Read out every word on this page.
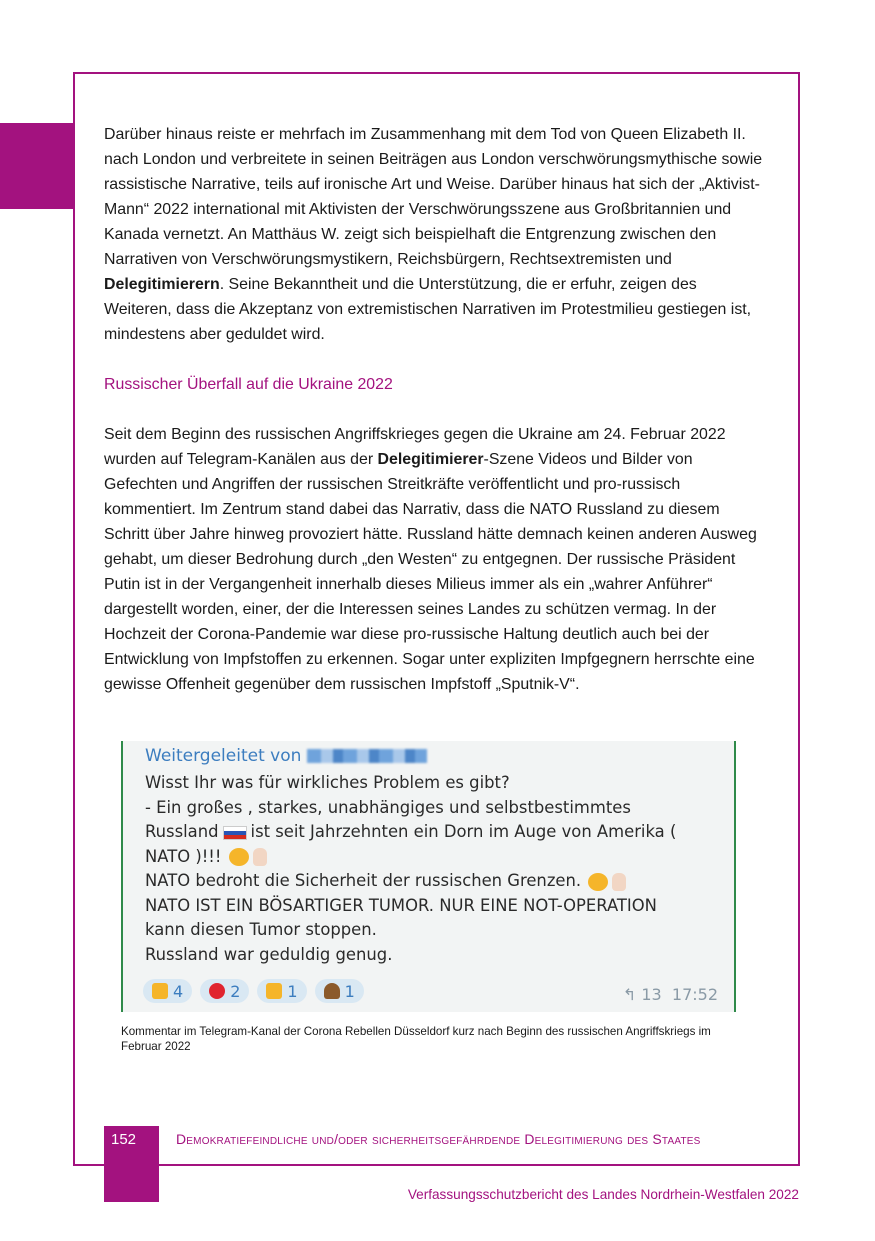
Darüber hinaus reiste er mehrfach im Zusammenhang mit dem Tod von Queen Elizabeth II. nach London und verbreitete in seinen Beiträgen aus London verschwörungsmythische sowie rassistische Narrative, teils auf ironische Art und Weise. Darüber hinaus hat sich der „Aktivist-Mann“ 2022 international mit Aktivisten der Verschwörungsszene aus Großbritannien und Kanada vernetzt. An Matthäus W. zeigt sich beispielhaft die Entgrenzung zwischen den Narrativen von Verschwörungsmystikern, Reichsbürgern, Rechtsextremisten und Delegitimierern. Seine Bekanntheit und die Unterstützung, die er erfuhr, zeigen des Weiteren, dass die Akzeptanz von extremistischen Narrativen im Protestmilieu gestiegen ist, mindestens aber geduldet wird.

Russischer Überfall auf die Ukraine 2022

Seit dem Beginn des russischen Angriffskrieges gegen die Ukraine am 24. Februar 2022 wurden auf Telegram-Kanälen aus der Delegitimierer-Szene Videos und Bilder von Gefechten und Angriffen der russischen Streitkräfte veröffentlicht und pro-russisch kommentiert. Im Zentrum stand dabei das Narrativ, dass die NATO Russland zu diesem Schritt über Jahre hinweg provoziert hätte. Russland hätte demnach keinen anderen Ausweg gehabt, um dieser Bedrohung durch „den Westen“ zu entgegnen. Der russische Präsident Putin ist in der Vergangenheit innerhalb dieses Milieus immer als ein „wahrer Anführer“ dargestellt worden, einer, der die Interessen seines Landes zu schützen vermag. In der Hochzeit der Corona-Pandemie war diese pro-russische Haltung deutlich auch bei der Entwicklung von Impfstoffen zu erkennen. Sogar unter expliziten Impfgegnern herrschte eine gewisse Offenheit gegenüber dem russischen Impfstoff „Sputnik-V“.

Weitergeleitet von
Wisst Ihr was für wirkliches Problem es gibt?
- Ein großes , starkes, unabhängiges und selbstbestimmtes
Russland ist seit Jahrzehnten ein Dorn im Auge von Amerika (
NATO )!!!
NATO bedroht die Sicherheit der russischen Grenzen.
NATO IST EIN BÖSARTIGER TUMOR. NUR EINE NOT-OPERATION
kann diesen Tumor stoppen.
Russland war geduldig genug.
4	2	1	1	↰ 13 17:52
Kommentar im Telegram-Kanal der Corona Rebellen Düsseldorf kurz nach Beginn des russischen Angriffskriegs im Februar 2022
152	Demokratiefeindliche und/oder sicherheitsgefährdende Delegitimierung des Staates
Verfassungsschutzbericht des Landes Nordrhein-Westfalen 2022
